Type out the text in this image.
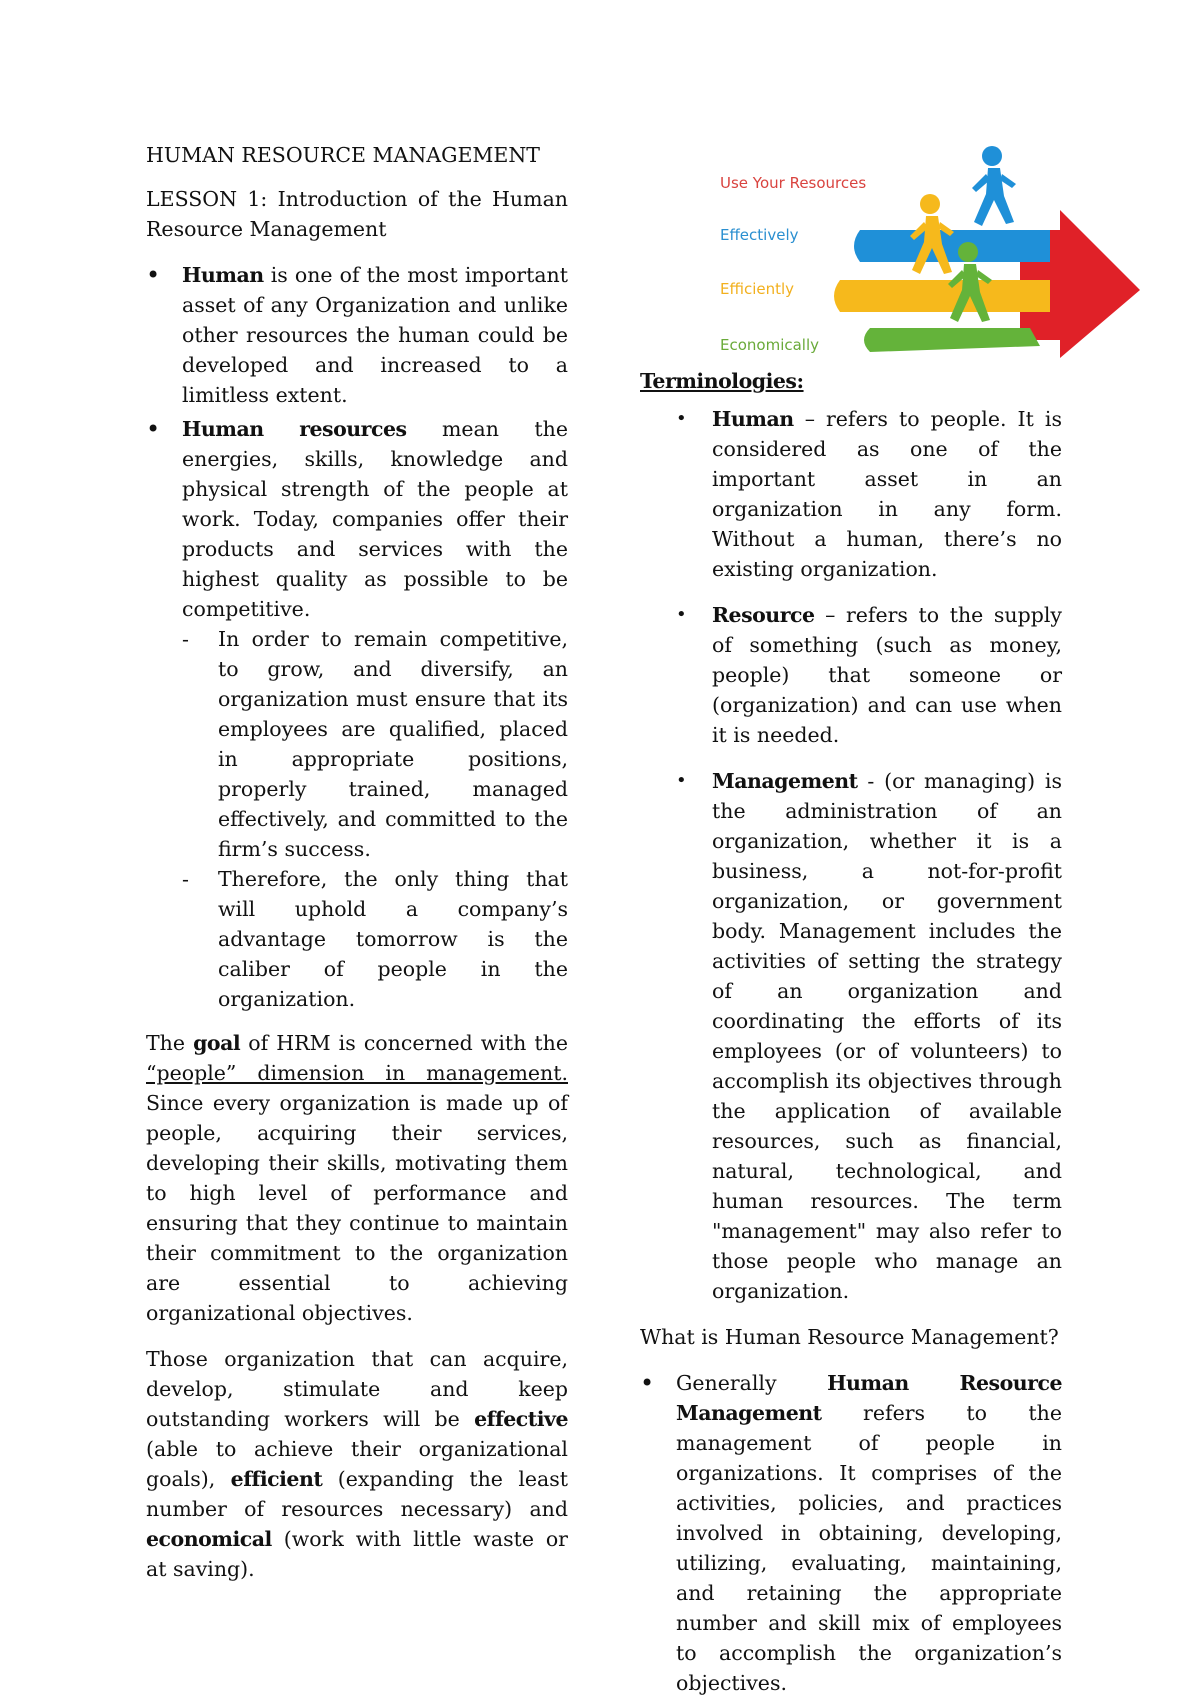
HUMAN RESOURCE MANAGEMENT

LESSON 1: Introduction of the Human Resource Management

•	Human is one of the most important asset of any Organization and unlike other resources the human could be developed and increased to a limitless extent.
•	Human resources mean the energies, skills, knowledge and physical strength of the people at work. Today, companies offer their products and services with the highest quality as possible to be competitive.
-	In order to remain competitive, to grow, and diversify, an organization must ensure that its employees are qualified, placed in appropriate positions, properly trained, managed effectively, and committed to the firm’s success.
-	Therefore, the only thing that will uphold a company’s advantage tomorrow is the caliber of people in the organization.

The goal of HRM is concerned with the “people” dimension in management. Since every organization is made up of people, acquiring their services, developing their skills, motivating them to high level of performance and ensuring that they continue to maintain their commitment to the organization are essential to achieving organizational objectives.

Those organization that can acquire, develop, stimulate and keep outstanding workers will be effective (able to achieve their organizational goals), efficient (expanding the least number of resources necessary) and economical (work with little waste or at saving).

Use Your Resources
Effectively
Efficiently
Economically

Terminologies:

• Human – refers to people. It is considered as one of the important asset in an organization in any form. Without a human, there’s no existing organization.
• Resource – refers to the supply of something (such as money, people) that someone or (organization) and can use when it is needed.
• Management - (or managing) is the administration of an organization, whether it is a business, a not-for-profit organization, or government body. Management includes the activities of setting the strategy of an organization and coordinating the efforts of its employees (or of volunteers) to accomplish its objectives through the application of available resources, such as financial, natural, technological, and human resources. The term "management" may also refer to those people who manage an organization.

What is Human Resource Management?

•	Generally Human Resource Management refers to the management of people in organizations. It comprises of the activities, policies, and practices involved in obtaining, developing, utilizing, evaluating, maintaining, and retaining the appropriate number and skill mix of employees to accomplish the organization’s objectives.
